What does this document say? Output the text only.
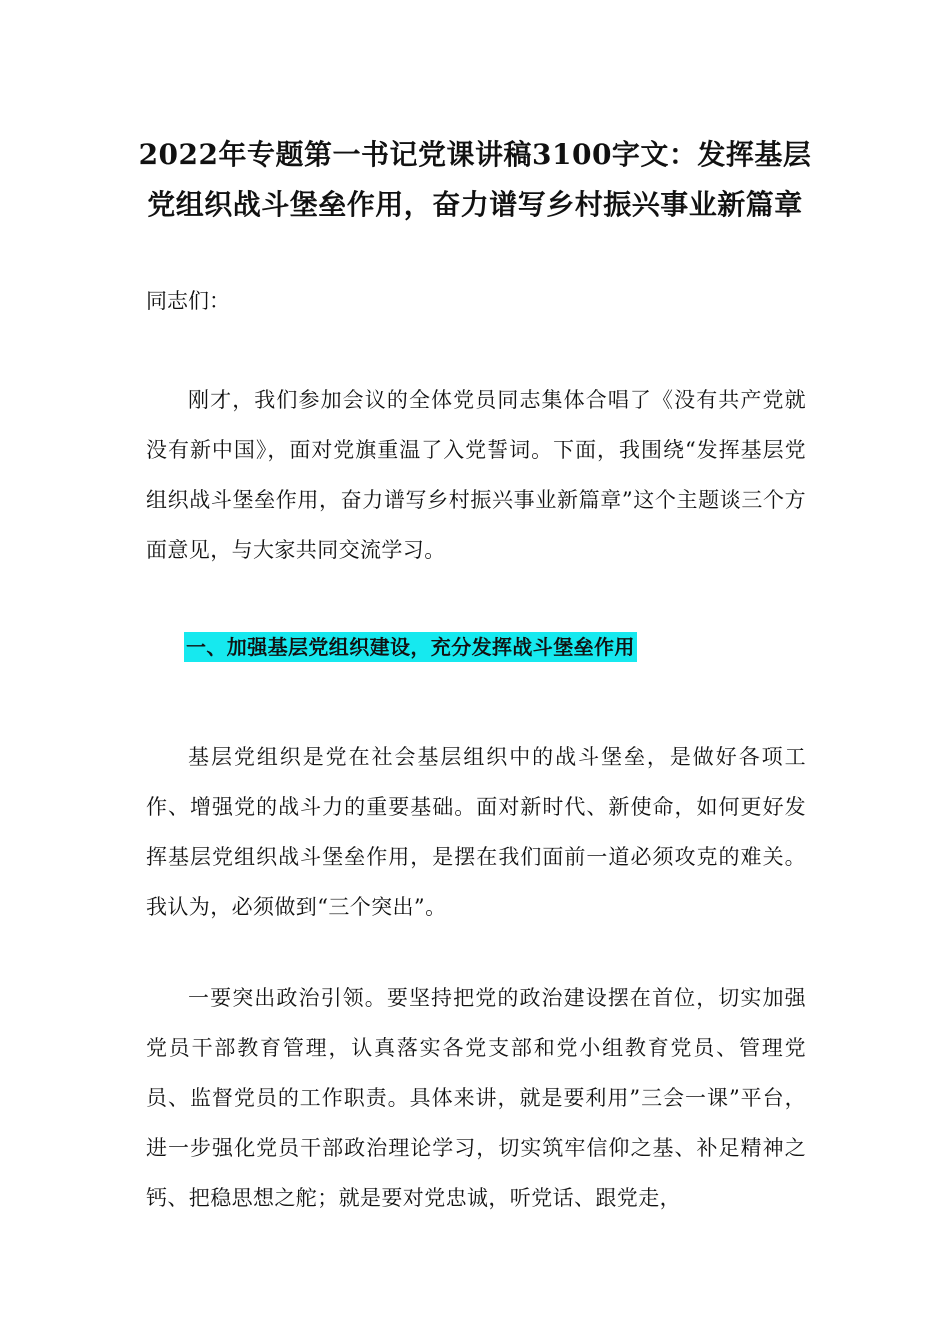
2022年专题第一书记党课讲稿3100字文：发挥基层
党组织战斗堡垒作用，奋力谱写乡村振兴事业新篇章
同志们：
刚才，我们参加会议的全体党员同志集体合唱了《没有共产党就没有新中国》，面对党旗重温了入党誓词。下面，我围绕“发挥基层党组织战斗堡垒作用，奋力谱写乡村振兴事业新篇章”这个主题谈三个方面意见，与大家共同交流学习。
一、加强基层党组织建设，充分发挥战斗堡垒作用
基层党组织是党在社会基层组织中的战斗堡垒，是做好各项工作、增强党的战斗力的重要基础。面对新时代、新使命，如何更好发挥基层党组织战斗堡垒作用，是摆在我们面前一道必须攻克的难关。我认为，必须做到“三个突出”。
一要突出政治引领。要坚持把党的政治建设摆在首位，切实加强党员干部教育管理，认真落实各党支部和党小组教育党员、管理党员、监督党员的工作职责。具体来讲，就是要利用”三会一课”平台，进一步强化党员干部政治理论学习，切实筑牢信仰之基、补足精神之钙、把稳思想之舵；就是要对党忠诚，听党话、跟党走，
